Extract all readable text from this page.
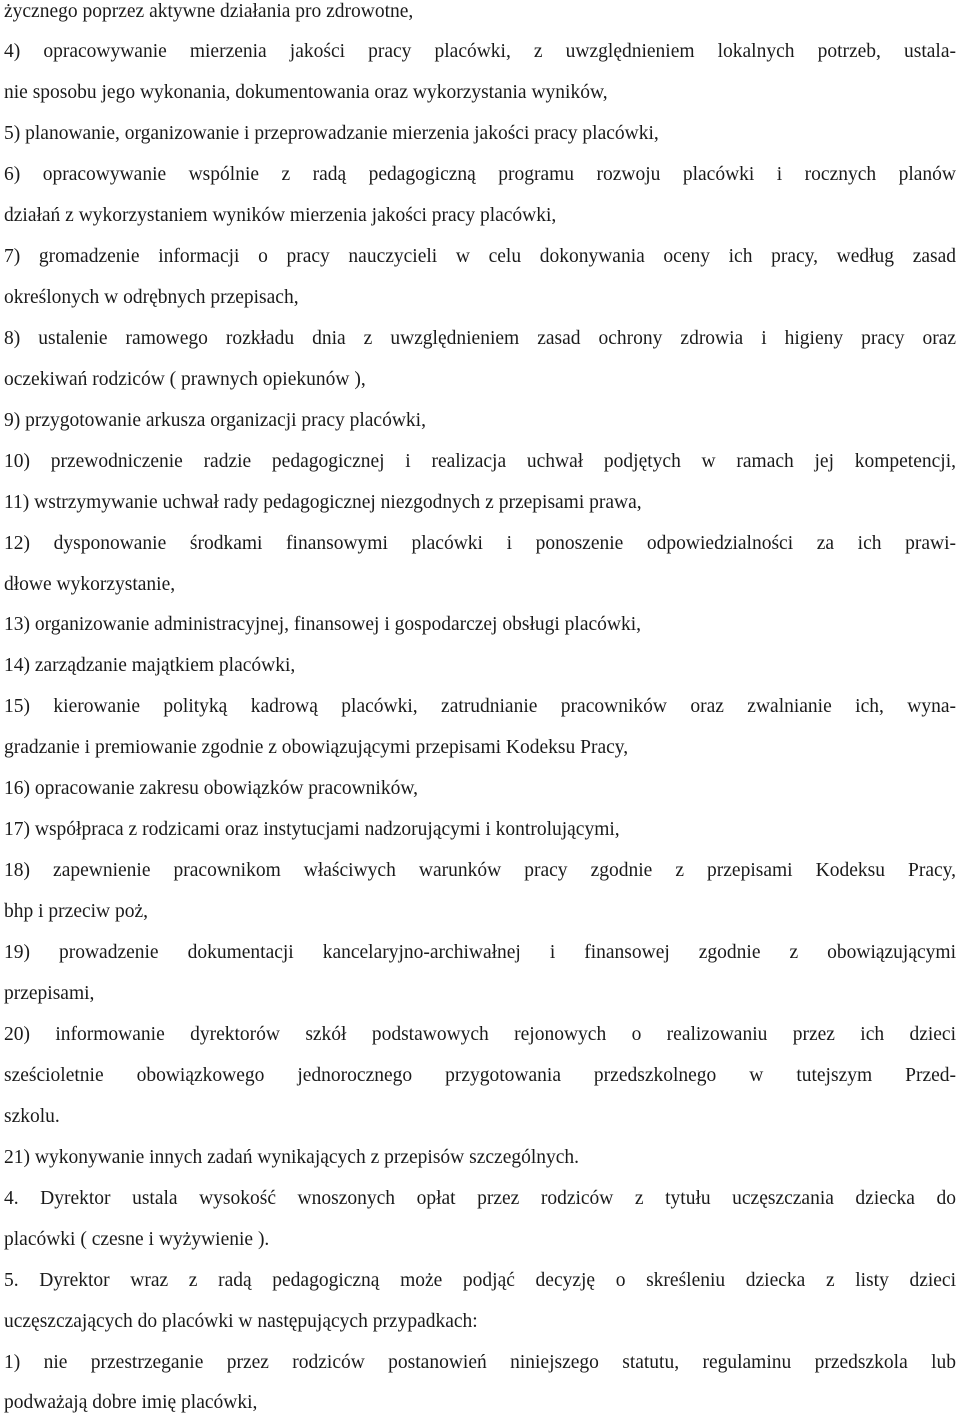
życznego poprzez aktywne działania pro zdrowotne,
4) opracowywanie mierzenia jakości pracy placówki, z uwzględnieniem lokalnych potrzeb, ustala-
nie sposobu jego wykonania, dokumentowania oraz wykorzystania wyników,
5) planowanie, organizowanie i przeprowadzanie mierzenia jakości pracy placówki,
6) opracowywanie wspólnie z radą pedagogiczną programu rozwoju placówki i rocznych planów
działań z wykorzystaniem wyników mierzenia jakości pracy placówki,
7) gromadzenie informacji o pracy nauczycieli w celu dokonywania oceny ich pracy, według zasad
określonych w odrębnych przepisach,
8) ustalenie ramowego rozkładu dnia z uwzględnieniem zasad ochrony zdrowia i higieny pracy oraz
oczekiwań rodziców ( prawnych opiekunów ),
9) przygotowanie arkusza organizacji pracy placówki,
10) przewodniczenie radzie pedagogicznej i realizacja uchwał podjętych w ramach jej kompetencji,
11) wstrzymywanie uchwał rady pedagogicznej niezgodnych z przepisami prawa,
12) dysponowanie środkami finansowymi placówki i ponoszenie odpowiedzialności za ich prawi-
dłowe wykorzystanie,
13) organizowanie administracyjnej, finansowej i gospodarczej obsługi placówki,
14) zarządzanie majątkiem placówki,
15) kierowanie polityką kadrową placówki, zatrudnianie pracowników oraz zwalnianie ich, wyna-
gradzanie i premiowanie zgodnie z obowiązującymi przepisami Kodeksu Pracy,
16) opracowanie zakresu obowiązków pracowników,
17) współpraca z rodzicami oraz instytucjami nadzorującymi i kontrolującymi,
18) zapewnienie pracownikom właściwych warunków pracy zgodnie z przepisami Kodeksu Pracy,
bhp i przeciw poż,
19) prowadzenie dokumentacji kancelaryjno-archiwałnej i finansowej zgodnie z obowiązującymi
przepisami,
20) informowanie dyrektorów szkół podstawowych rejonowych o realizowaniu przez ich dzieci
sześcioletnie obowiązkowego jednorocznego przygotowania przedszkolnego w tutejszym Przed-
szkolu.
21) wykonywanie innych zadań wynikających z przepisów szczególnych.
4. Dyrektor ustala wysokość wnoszonych opłat przez rodziców z tytułu uczęszczania dziecka do
placówki ( czesne i wyżywienie ).
5. Dyrektor wraz z radą pedagogiczną może podjąć decyzję o skreśleniu dziecka z listy dzieci
uczęszczających do placówki w następujących przypadkach:
1) nie przestrzeganie przez rodziców postanowień niniejszego statutu, regulaminu przedszkola lub
podważają dobre imię placówki,
